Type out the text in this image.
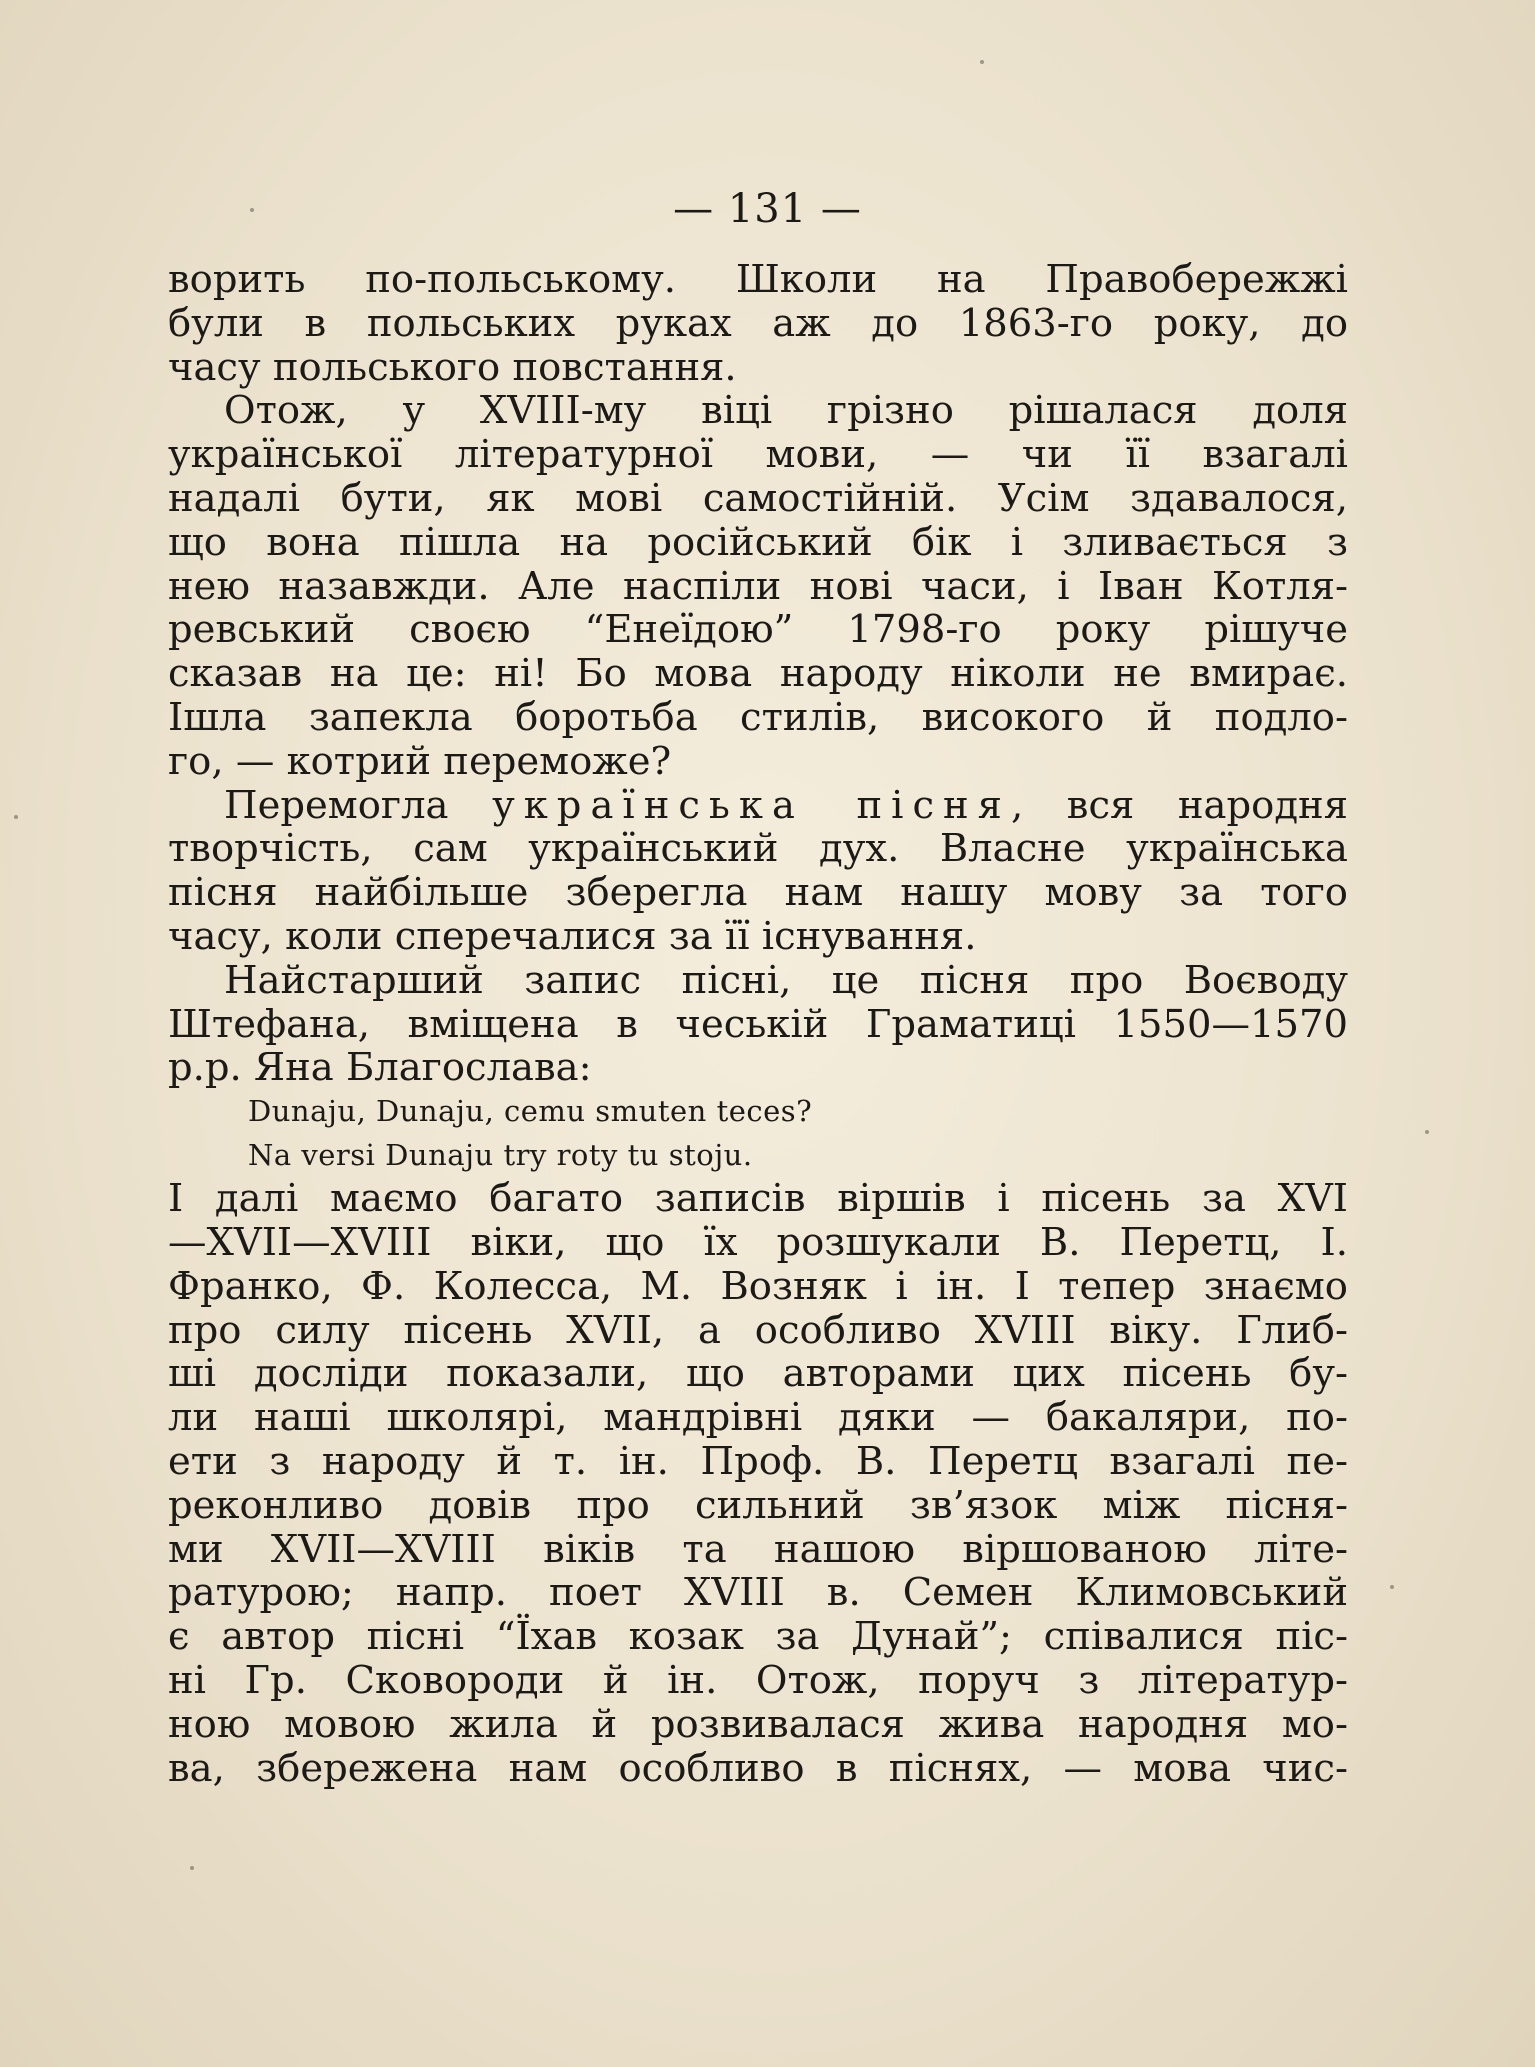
— 131 —
ворить по-польському. Школи на Правобережжі
були в польських руках аж до 1863-го року, до
часу польського повстання.
Отож, у XVIII-му віці грізно рішалася доля
української літературної мови, — чи її взагалі
надалі бути, як мові самостійній. Усім здавалося,
що вона пішла на російський бік і зливається з
нею назавжди. Але наспіли нові часи, і Іван Котля-
ревський своєю “Енеїдою” 1798-го року рішуче
сказав на це: ні! Бо мова народу ніколи не вмирає.
Ішла запекла боротьба стилів, високого й подло-
го, — котрий переможе?
Перемогла українська пісня, вся народня
творчість, сам український дух. Власне українська
пісня найбільше зберегла нам нашу мову за того
часу, коли сперечалися за її існування.
Найстарший запис пісні, це пісня про Воєводу
Штефана, вміщена в чеській Граматиці 1550—1570
р.р. Яна Благослава:
Dunaju, Dunaju, cemu smuten teces?
Na versi Dunaju try roty tu stoju.
І далі маємо багато записів віршів і пісень за XVI
—XVII—XVIII віки, що їх розшукали В. Перетц, І.
Франко, Ф. Колесса, М. Возняк і ін. І тепер знаємо
про силу пісень XVII, а особливо XVIII віку. Глиб-
ші досліди показали, що авторами цих пісень бу-
ли наші школярі, мандрівні дяки — бакаляри, по-
ети з народу й т. ін. Проф. В. Перетц взагалі пе-
реконливо довів про сильний зв’язок між пісня-
ми XVII—XVIII віків та нашою віршованою літе-
ратурою; напр. поет XVIII в. Семен Климовський
є автор пісні “Їхав козак за Дунай”; співалися піс-
ні Гр. Сковороди й ін. Отож, поруч з літератур-
ною мовою жила й розвивалася жива народня мо-
ва, збережена нам особливо в піснях, — мова чис-
